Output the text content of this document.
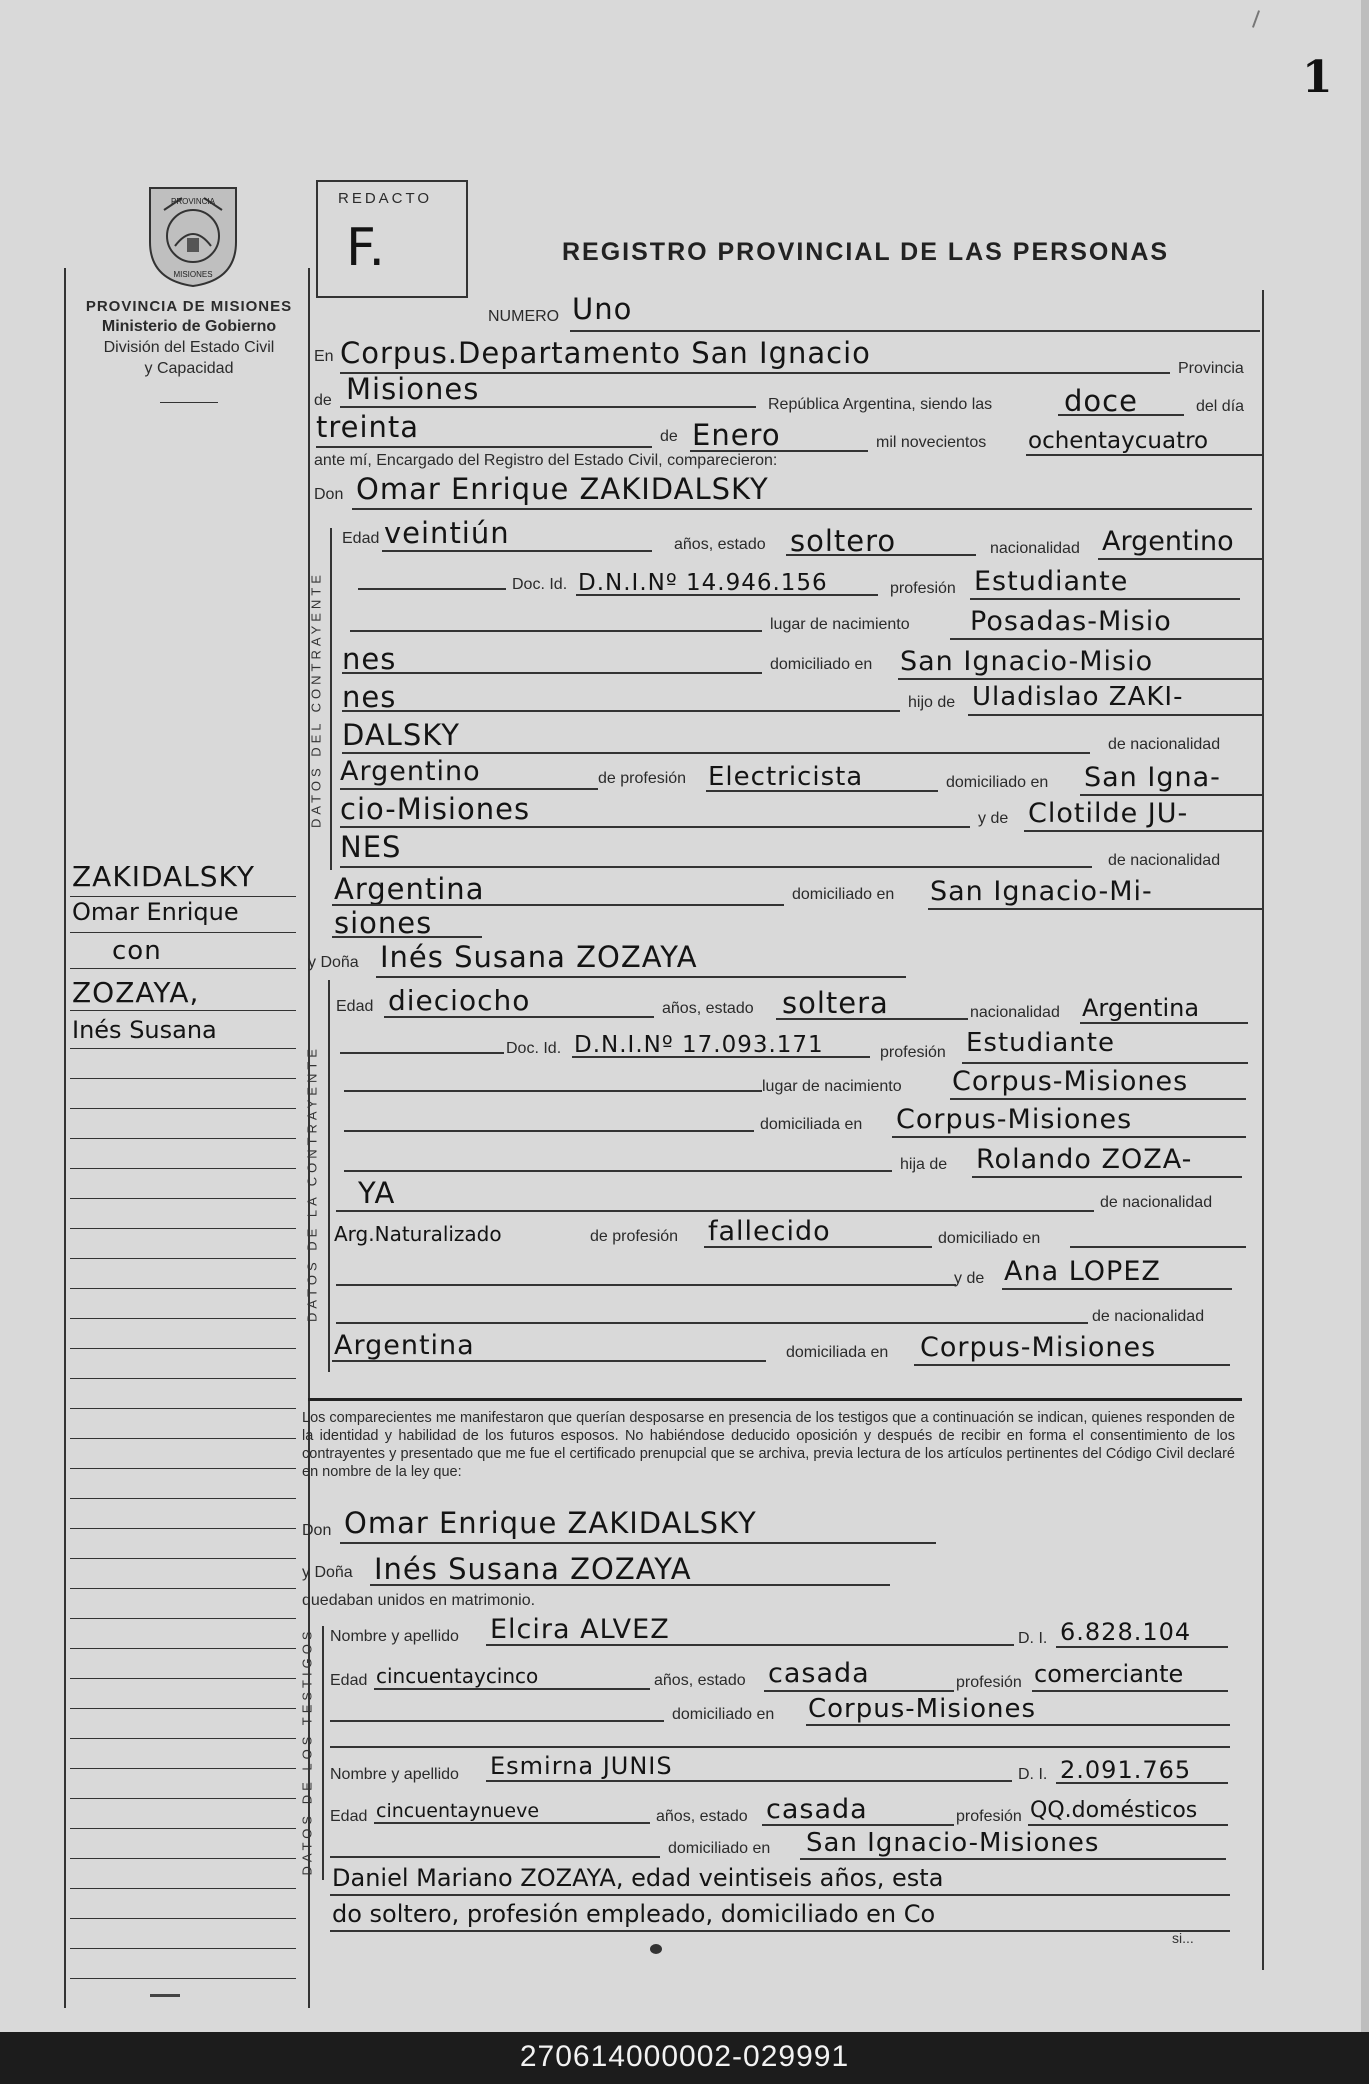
1
PROVINCIA
MISIONES
PROVINCIA DE MISIONES
Ministerio de Gobierno
División del Estado Civil
y Capacidad
REDACTO
F.	REGISTRO PROVINCIAL DE LAS PERSONAS
NUMERO Uno
En Corpus.Departamento San Ignacio	Provincia
de Misiones	República Argentina, siendo las doce	del día
treinta	de Enero	mil novecientos ochentaycuatro
ante mí, Encargado del Registro del Estado Civil, comparecieron:
Don Omar Enrique ZAKIDALSKY
DATOS DEL CONTRAYENTE
Edad veintiún	años, estado soltero	nacionalidad Argentino
Doc. Id. D.N.I.Nº 14.946.156	profesión Estudiante
lugar de nacimiento Posadas-Misio
nes	domiciliado en San Ignacio-Misio
nes	hijo de Uladislao ZAKI-
DALSKY	de nacionalidad
Argentino	de profesión Electricista	domiciliado en San Igna-
cio-Misiones	y de Clotilde JU-
NES	de nacionalidad
Argentina	domiciliado en San Ignacio-Mi-
siones
ZAKIDALSKY
Omar Enrique
con
ZOZAYA,
Inés Susana
y Doña Inés Susana ZOZAYA
DATOS DE LA CONTRAYENTE
Edad dieciocho	años, estado soltera	nacionalidad Argentina
Doc. Id. D.N.I.Nº 17.093.171	profesión Estudiante
lugar de nacimiento Corpus-Misiones
domiciliada en Corpus-Misiones
hija de Rolando ZOZA-
YA	de nacionalidad
Arg.Naturalizado	de profesión fallecido	domiciliado en
y de Ana LOPEZ
de nacionalidad
Argentina	domiciliada en Corpus-Misiones
Los comparecientes me manifestaron que querían desposarse en presencia de los testigos que a continuación se indican, quienes responden de la identidad y habilidad de los futuros esposos. No habiéndose deducido oposición y después de recibir en forma el consentimiento de los contrayentes y presentado que me fue el certificado prenupcial que se archiva, previa lectura de los artículos pertinentes del Código Civil declaré en nombre de la ley que:
Don Omar Enrique ZAKIDALSKY
y Doña Inés Susana ZOZAYA
quedaban unidos en matrimonio.
DATOS DE LOS TESTIGOS Nombre y apellido Elcira ALVEZ	D. I. 6.828.104
Edad cincuentaycinco	años, estado casada	profesión comerciante
domiciliado en Corpus-Misiones
Nombre y apellido Esmirna JUNIS	D. I. 2.091.765
Edad cincuentaynueve	años, estado casada	profesión QQ.domésticos
domiciliado en San Ignacio-Misiones
Daniel Mariano ZOZAYA, edad veintiseis años, esta
do soltero, profesión empleado, domiciliado en Co
si...
270614000002-029991
